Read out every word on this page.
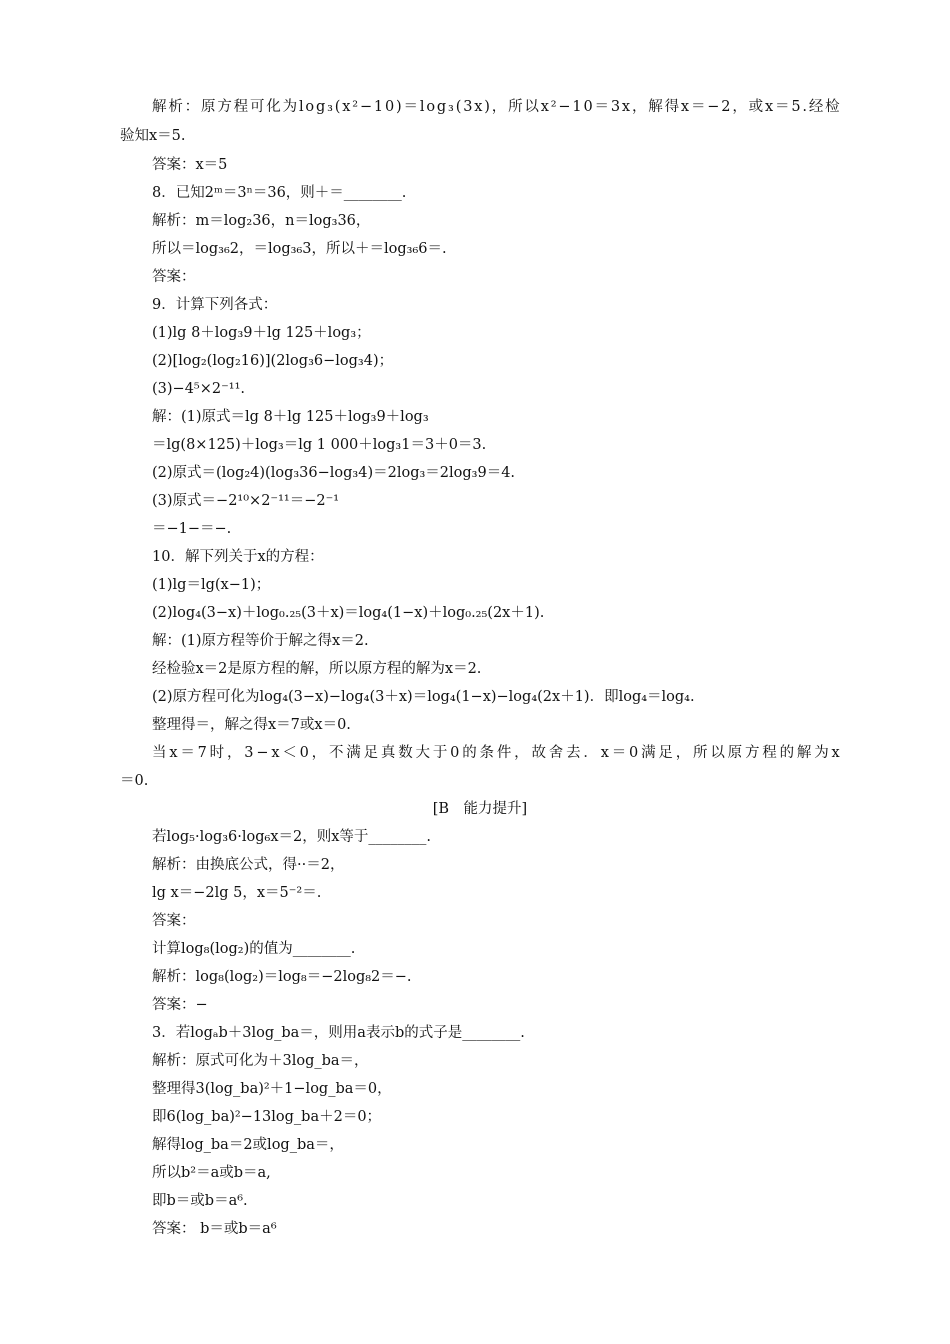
解 析 ： 原 方 程 可 化 为 l o g ₃ ( x ² − 1 0 ) ＝ l o g ₃ ( 3 x ) ， 所 以 x ² − 1 0 ＝ 3 x ， 解 得 x ＝ − 2 ， 或 x ＝ 5 . 经 检
验知x＝5.
答案：x＝5
8．已知2ᵐ＝3ⁿ＝36，则＋＝________.
解析：m＝log₂36，n＝log₃36，
所以＝log₃₆2，＝log₃₆3，所以＋＝log₃₆6＝.
答案：
9．计算下列各式：
(1)lg 8＋log₃9＋lg 125＋log₃；
(2)[log₂(log₂16)](2log₃6−log₃4)；
(3)−4⁵×2⁻¹¹.
解：(1)原式＝lg 8＋lg 125＋log₃9＋log₃
＝lg(8×125)＋log₃＝lg 1 000＋log₃1＝3＋0＝3.
(2)原式＝(log₂4)(log₃36−log₃4)＝2log₃＝2log₃9＝4.
(3)原式＝−2¹⁰×2⁻¹¹＝−2⁻¹
＝−1−＝−.
10．解下列关于x的方程：
(1)lg＝lg(x−1)；
(2)log₄(3−x)＋log₀.₂₅(3＋x)＝log₄(1−x)＋log₀.₂₅(2x＋1).
解：(1)原方程等价于解之得x＝2.
经检验x＝2是原方程的解，所以原方程的解为x＝2.
(2)原方程可化为log₄(3−x)−log₄(3＋x)＝log₄(1−x)−log₄(2x＋1)．即log₄＝log₄.
整理得＝，解之得x＝7或x＝0.
当 x ＝ 7 时 ， 3 − x ＜ 0 ， 不 满 足 真 数 大 于 0 的 条 件 ， 故 舍 去 ． x ＝ 0 满 足 ， 所 以 原 方 程 的 解 为 x
＝0.
[B　能力提升]
若log₅·log₃6·log₆x＝2，则x等于________.
解析：由换底公式，得··＝2，
lg x＝−2lg 5，x＝5⁻²＝.
答案：
计算log₈(log₂)的值为________.
解析：log₈(log₂)＝log₈＝−2log₈2＝−.
答案：−
3．若logₐb＋3log_ba＝，则用a表示b的式子是________.
解析：原式可化为＋3log_ba＝，
整理得3(log_ba)²＋1−log_ba＝0，
即6(log_ba)²−13log_ba＋2＝0；
解得log_ba＝2或log_ba＝，
所以b²＝a或b＝a,
即b＝或b＝a⁶.
答案： b＝或b＝a⁶
